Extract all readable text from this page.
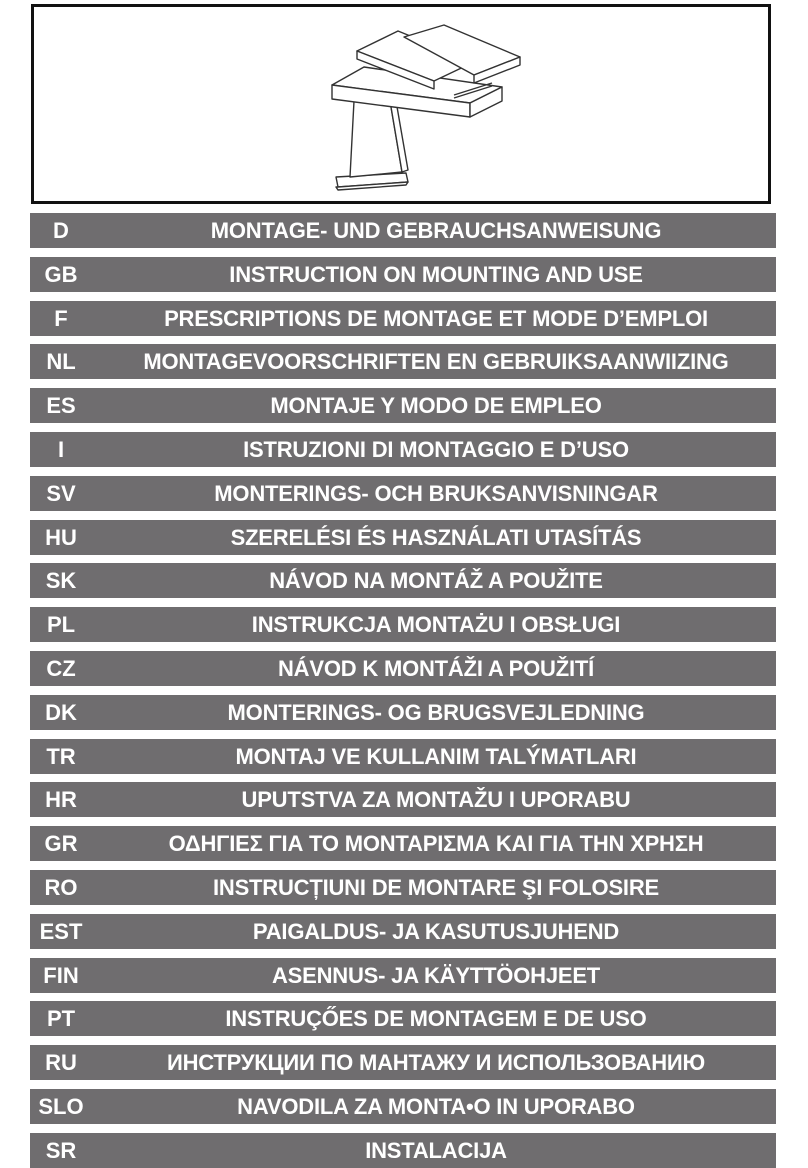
D	MONTAGE- UND GEBRAUCHSANWEISUNG
GB	INSTRUCTION ON MOUNTING AND USE
F	PRESCRIPTIONS DE MONTAGE ET MODE D’EMPLOI
NL	MONTAGEVOORSCHRIFTEN EN GEBRUIKSAANWIIZING
ES	MONTAJE Y MODO DE EMPLEO
I	ISTRUZIONI DI MONTAGGIO E D’USO
SV	MONTERINGS- OCH BRUKSANVISNINGAR
HU	SZERELÉSI ÉS HASZNÁLATI UTASÍTÁS
SK	NÁVOD NA MONTÁŽ A POUŽITE
PL	INSTRUKCJA MONTAŻU I OBSŁUGI
CZ	NÁVOD K MONTÁŽI A POUŽITÍ
DK	MONTERINGS- OG BRUGSVEJLEDNING
TR	MONTAJ VE KULLANIM TALÝMATLARI
HR	UPUTSTVA ZA MONTAŽU I UPORABU
GR	ΟΔΗΓΙΕΣ ΓΙΑ ΤΟ ΜΟΝΤΑΡΙΣΜΑ ΚΑΙ ΓΙΑ ΤΗΝ ΧΡΗΣΗ
RO	INSTRUCȚIUNI DE MONTARE ŞI FOLOSIRE
EST	PAIGALDUS- JA KASUTUSJUHEND
FIN	ASENNUS- JA KÄYTTÖOHJEET
PT	INSTRUÇŐES DE MONTAGEM E DE USO
RU	ИНСТРУКЦИИ ПО МАНТАЖУ И ИСПОЛЬЗОВАНИЮ
SLO	NAVODILA ZA MONTA•O IN UPORABO
SR	INSTALACIJA
